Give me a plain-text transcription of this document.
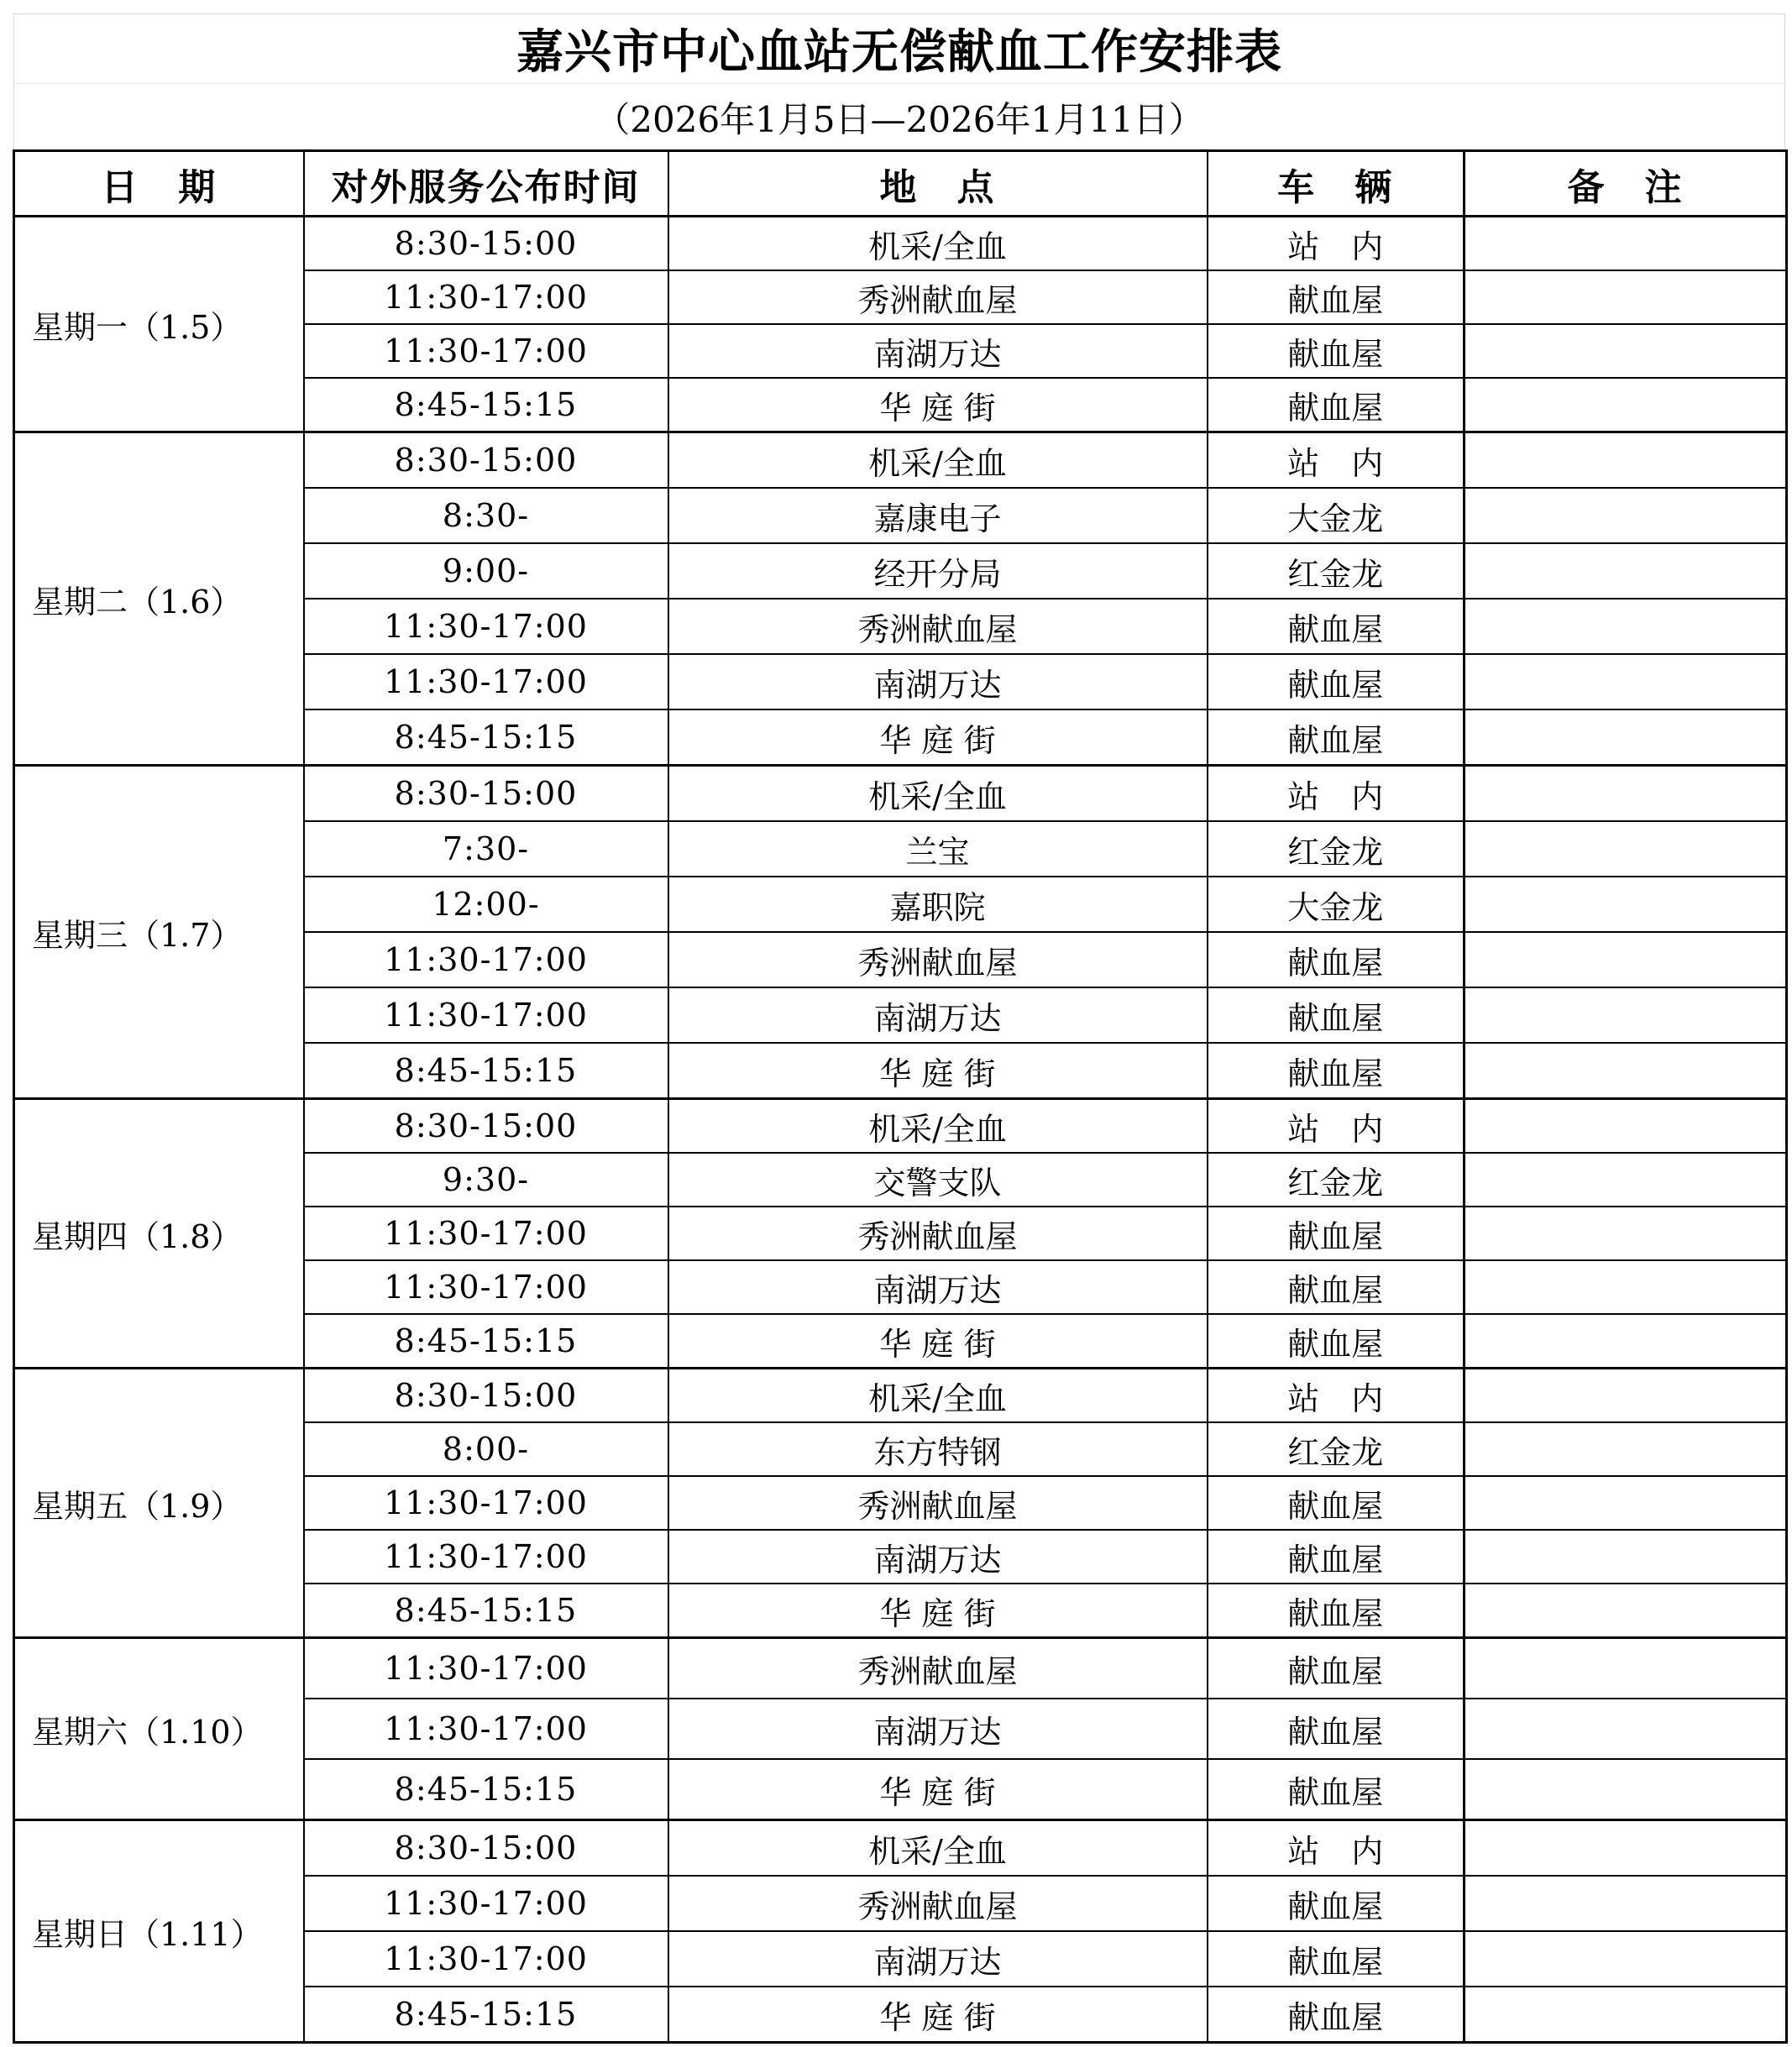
嘉兴市中心血站无偿献血工作安排表
（2026年1月5日—2026年1月11日）
日　期	对外服务公布时间	地　点	车　辆	备　注
星期一（1.5）	8:30-15:00	机采/全血	站　内	
	11:30-17:00	秀洲献血屋	献血屋	
	11:30-17:00	南湖万达	献血屋	
	8:45-15:15	华 庭 街	献血屋	
星期二（1.6）	8:30-15:00	机采/全血	站　内	
	8:30-	嘉康电子	大金龙	
	9:00-	经开分局	红金龙	
	11:30-17:00	秀洲献血屋	献血屋	
	11:30-17:00	南湖万达	献血屋	
	8:45-15:15	华 庭 街	献血屋	
星期三（1.7）	8:30-15:00	机采/全血	站　内	
	7:30-	兰宝	红金龙	
	12:00-	嘉职院	大金龙	
	11:30-17:00	秀洲献血屋	献血屋	
	11:30-17:00	南湖万达	献血屋	
	8:45-15:15	华 庭 街	献血屋	
星期四（1.8）	8:30-15:00	机采/全血	站　内	
	9:30-	交警支队	红金龙	
	11:30-17:00	秀洲献血屋	献血屋	
	11:30-17:00	南湖万达	献血屋	
	8:45-15:15	华 庭 街	献血屋	
星期五（1.9）	8:30-15:00	机采/全血	站　内	
	8:00-	东方特钢	红金龙	
	11:30-17:00	秀洲献血屋	献血屋	
	11:30-17:00	南湖万达	献血屋	
	8:45-15:15	华 庭 街	献血屋	
星期六（1.10）	11:30-17:00	秀洲献血屋	献血屋	
	11:30-17:00	南湖万达	献血屋	
	8:45-15:15	华 庭 街	献血屋	
星期日（1.11）	8:30-15:00	机采/全血	站　内	
	11:30-17:00	秀洲献血屋	献血屋	
	11:30-17:00	南湖万达	献血屋	
	8:45-15:15	华 庭 街	献血屋	
